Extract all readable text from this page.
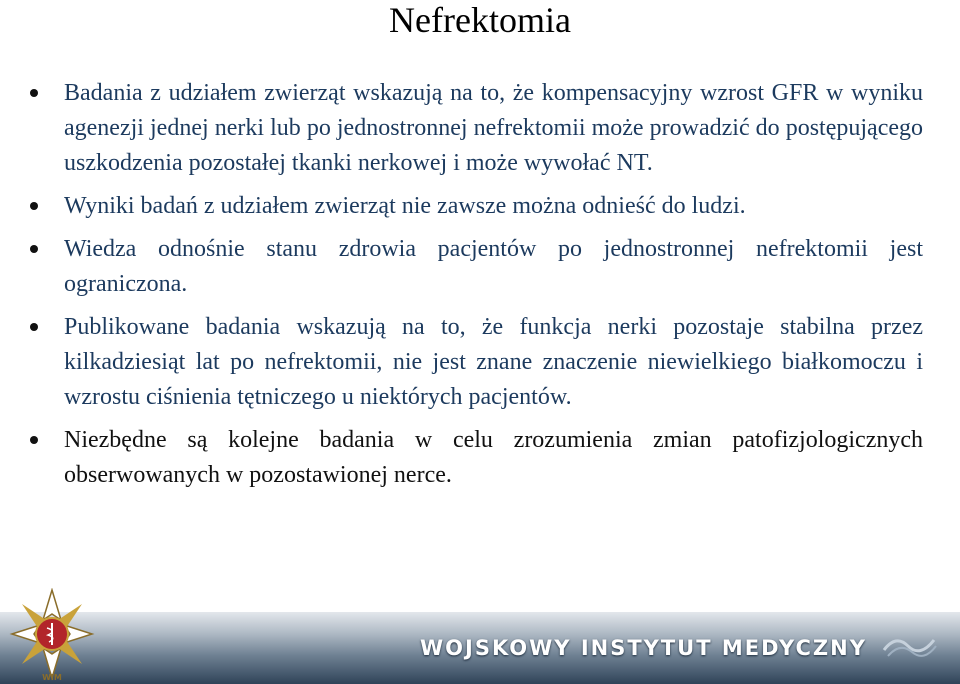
Nefrektomia
Badania z udziałem zwierząt wskazują na to, że kompensacyjny wzrost GFR w wyniku agenezji jednej nerki lub po jednostronnej nefrektomii może prowadzić do postępującego uszkodzenia pozostałej tkanki nerkowej i może wywołać NT.
Wyniki badań z udziałem zwierząt nie zawsze można odnieść do ludzi.
Wiedza odnośnie stanu zdrowia pacjentów po jednostronnej nefrektomii jest ograniczona.
Publikowane badania wskazują na to, że funkcja nerki pozostaje stabilna przez kilkadziesiąt lat po nefrektomii, nie jest znane znaczenie niewielkiego białkomoczu i wzrostu ciśnienia tętniczego u niektórych pacjentów.
Niezbędne są kolejne badania w celu zrozumienia zmian patofizjologicznych obserwowanych w pozostawionej nerce.
WOJSKOWY INSTYTUT MEDYCZNY
WIM
